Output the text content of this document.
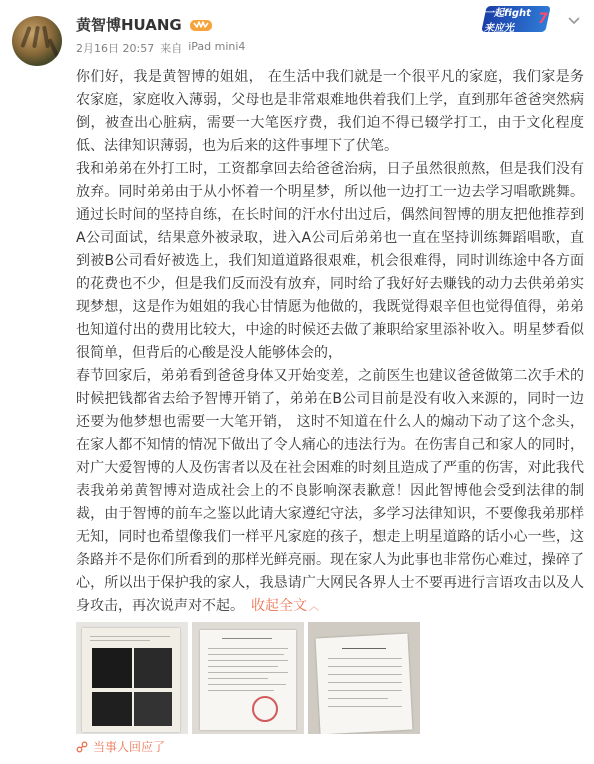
黄智博HUANG
2月16日 20:57 来自 iPad mini4
一起fight来应光
7

你们好，我是黄智博的姐姐， 在生活中我们就是一个很平凡的家庭，我们家是务农家庭，家庭收入薄弱，父母也是非常艰难地供着我们上学，直到那年爸爸突然病倒，被查出心脏病，需要一大笔医疗费，我们迫不得已辍学打工，由于文化程度低、法律知识薄弱，也为后来的这件事埋下了伏笔。

我和弟弟在外打工时，工资都拿回去给爸爸治病，日子虽然很煎熬，但是我们没有放弃。同时弟弟由于从小怀着一个明星梦，所以他一边打工一边去学习唱歌跳舞。通过长时间的坚持自练，在长时间的汗水付出过后，偶然间智博的朋友把他推荐到A公司面试，结果意外被录取，进入A公司后弟弟也一直在坚持训练舞蹈唱歌，直到被B公司看好被选上，我们知道道路很艰难，机会很难得，同时训练途中各方面的花费也不少，但是我们反而没有放弃，同时给了我好好去赚钱的动力去供弟弟实现梦想，这是作为姐姐的我心甘情愿为他做的，我既觉得艰辛但也觉得值得，弟弟也知道付出的费用比较大，中途的时候还去做了兼职给家里添补收入。明星梦看似很简单，但背后的心酸是没人能够体会的，

春节回家后，弟弟看到爸爸身体又开始变差，之前医生也建议爸爸做第二次手术的时候把钱都省去给予智博开销了，弟弟在B公司目前是没有收入来源的，同时一边还要为他梦想也需要一大笔开销， 这时不知道在什么人的煽动下动了这个念头，在家人都不知情的情况下做出了令人痛心的违法行为。在伤害自己和家人的同时，对广大爱智博的人及伤害者以及在社会困难的时刻且造成了严重的伤害，对此我代表我弟弟黄智博对造成社会上的不良影响深表歉意！因此智博他会受到法律的制裁，由于智博的前车之鉴以此请大家遵纪守法，多学习法律知识，不要像我弟那样无知，同时也希望像我们一样平凡家庭的孩子，想走上明星道路的话小心一些，这条路并不是你们所看到的那样光鲜亮丽。现在家人为此事也非常伤心难过，操碎了心，所以出于保护我的家人，我恳请广大网民各界人士不要再进行言语攻击以及人身攻击，再次说声对不起。　 收起全文 ︿

当事人回应了
